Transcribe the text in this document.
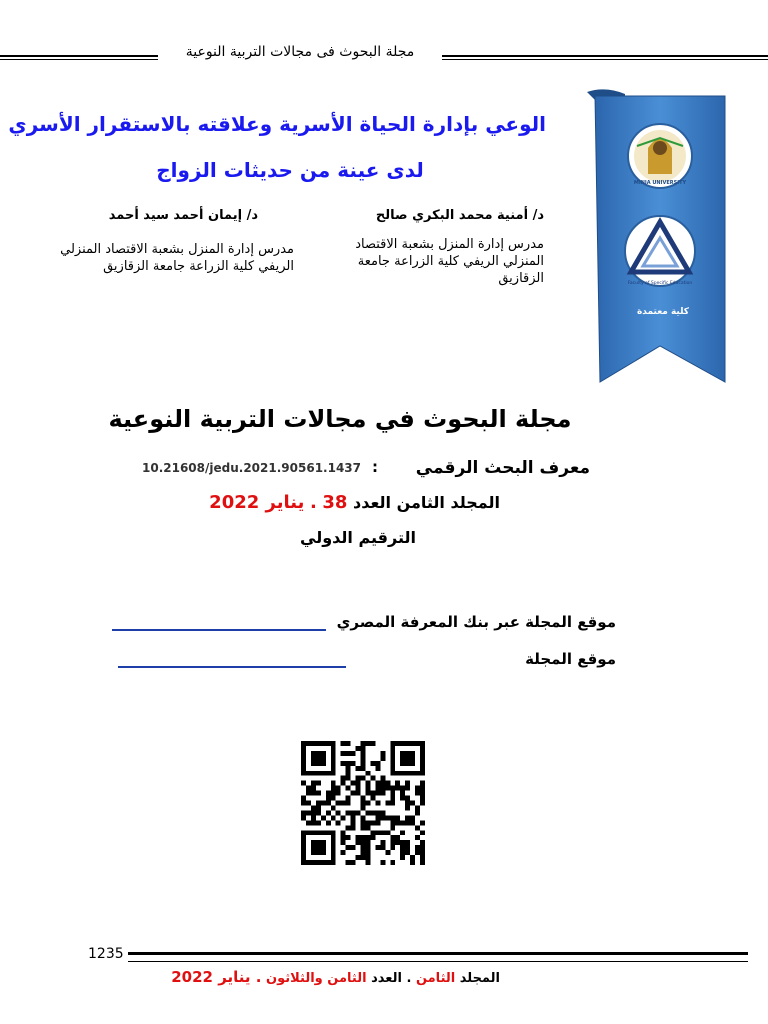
مجلة البحوث فى مجالات التربية النوعية
MINIA UNIVERSITY
Faculty of Specific Education
كلية معتمدة
الوعي بإدارة الحياة الأسرية وعلاقته بالاستقرار الأسري
لدى عينة من حديثات الزواج
د/ أمنية محمد البكري صالح
مدرس إدارة المنزل بشعبة الاقتصاد المنزلي الريفي كلية الزراعة جامعة الزقازيق
د/ إيمان أحمد سيد أحمد
مدرس إدارة المنزل بشعبة الاقتصاد المنزلي الريفي كلية الزراعة جامعة الزقازيق
مجلة البحوث في مجالات التربية النوعية
معرف البحث الرقمي
:
10.21608/jedu.2021.90561.1437
المجلد الثامن العدد 38 . يناير 2022
الترقيم الدولي
موقع المجلة عبر بنك المعرفة المصري
موقع المجلة
1235
المجلد الثامن . العدد الثامن والثلاثون . يناير 2022
